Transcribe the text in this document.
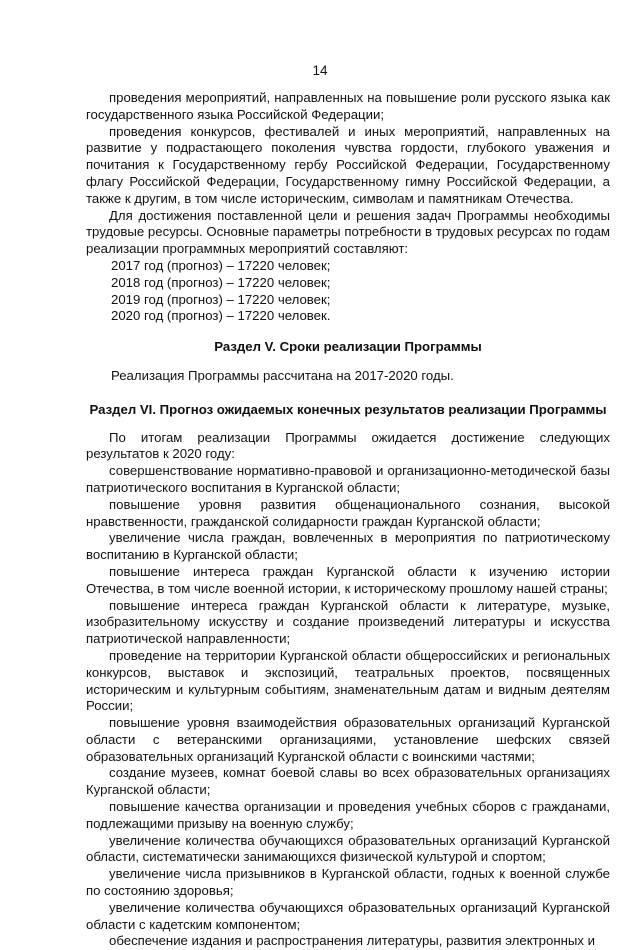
14

проведения мероприятий, направленных на повышение роли русского языка как государственного языка Российской Федерации;

проведения конкурсов, фестивалей и иных мероприятий, направленных на развитие у подрастающего поколения чувства гордости, глубокого уважения и почитания к Государственному гербу Российской Федерации, Государственному флагу Российской Федерации, Государственному гимну Российской Федерации, а также к другим, в том числе историческим, символам и памятникам Отечества.

Для достижения поставленной цели и решения задач Программы необходимы трудовые ресурсы. Основные параметры потребности в трудовых ресурсах по годам реализации программных мероприятий составляют:

2017 год (прогноз) – 17220 человек;
2018 год (прогноз) – 17220 человек;
2019 год (прогноз) – 17220 человек;
2020 год (прогноз) – 17220 человек.

Раздел V. Сроки реализации Программы

Реализация Программы рассчитана на 2017-2020 годы.

Раздел VI. Прогноз ожидаемых конечных результатов реализации Программы

По итогам реализации Программы ожидается достижение следующих результатов к 2020 году:

совершенствование нормативно-правовой и организационно-методической базы патриотического воспитания в Курганской области;

повышение уровня развития общенационального сознания, высокой нравственности, гражданской солидарности граждан Курганской области;

увеличение числа граждан, вовлеченных в мероприятия по патриотическому воспитанию в Курганской области;

повышение интереса граждан Курганской области к изучению истории Отечества, в том числе военной истории, к историческому прошлому нашей страны;

повышение интереса граждан Курганской области к литературе, музыке, изобразительному искусству и создание произведений литературы и искусства патриотической направленности;

проведение на территории Курганской области общероссийских и региональных конкурсов, выставок и экспозиций, театральных проектов, посвященных историческим и культурным событиям, знаменательным датам и видным деятелям России;

повышение уровня взаимодействия образовательных организаций Курганской области с ветеранскими организациями, установление шефских связей образовательных организаций Курганской области с воинскими частями;

создание музеев, комнат боевой славы во всех образовательных организациях Курганской области;

повышение качества организации и проведения учебных сборов с гражданами, подлежащими призыву на военную службу;

увеличение количества обучающихся образовательных организаций Курганской области, систематически занимающихся физической культурой и спортом;

увеличение числа призывников в Курганской области, годных к военной службе по состоянию здоровья;

увеличение количества обучающихся образовательных организаций Курганской области с кадетским компонентом;

обеспечение издания и распространения литературы, развития электронных и
